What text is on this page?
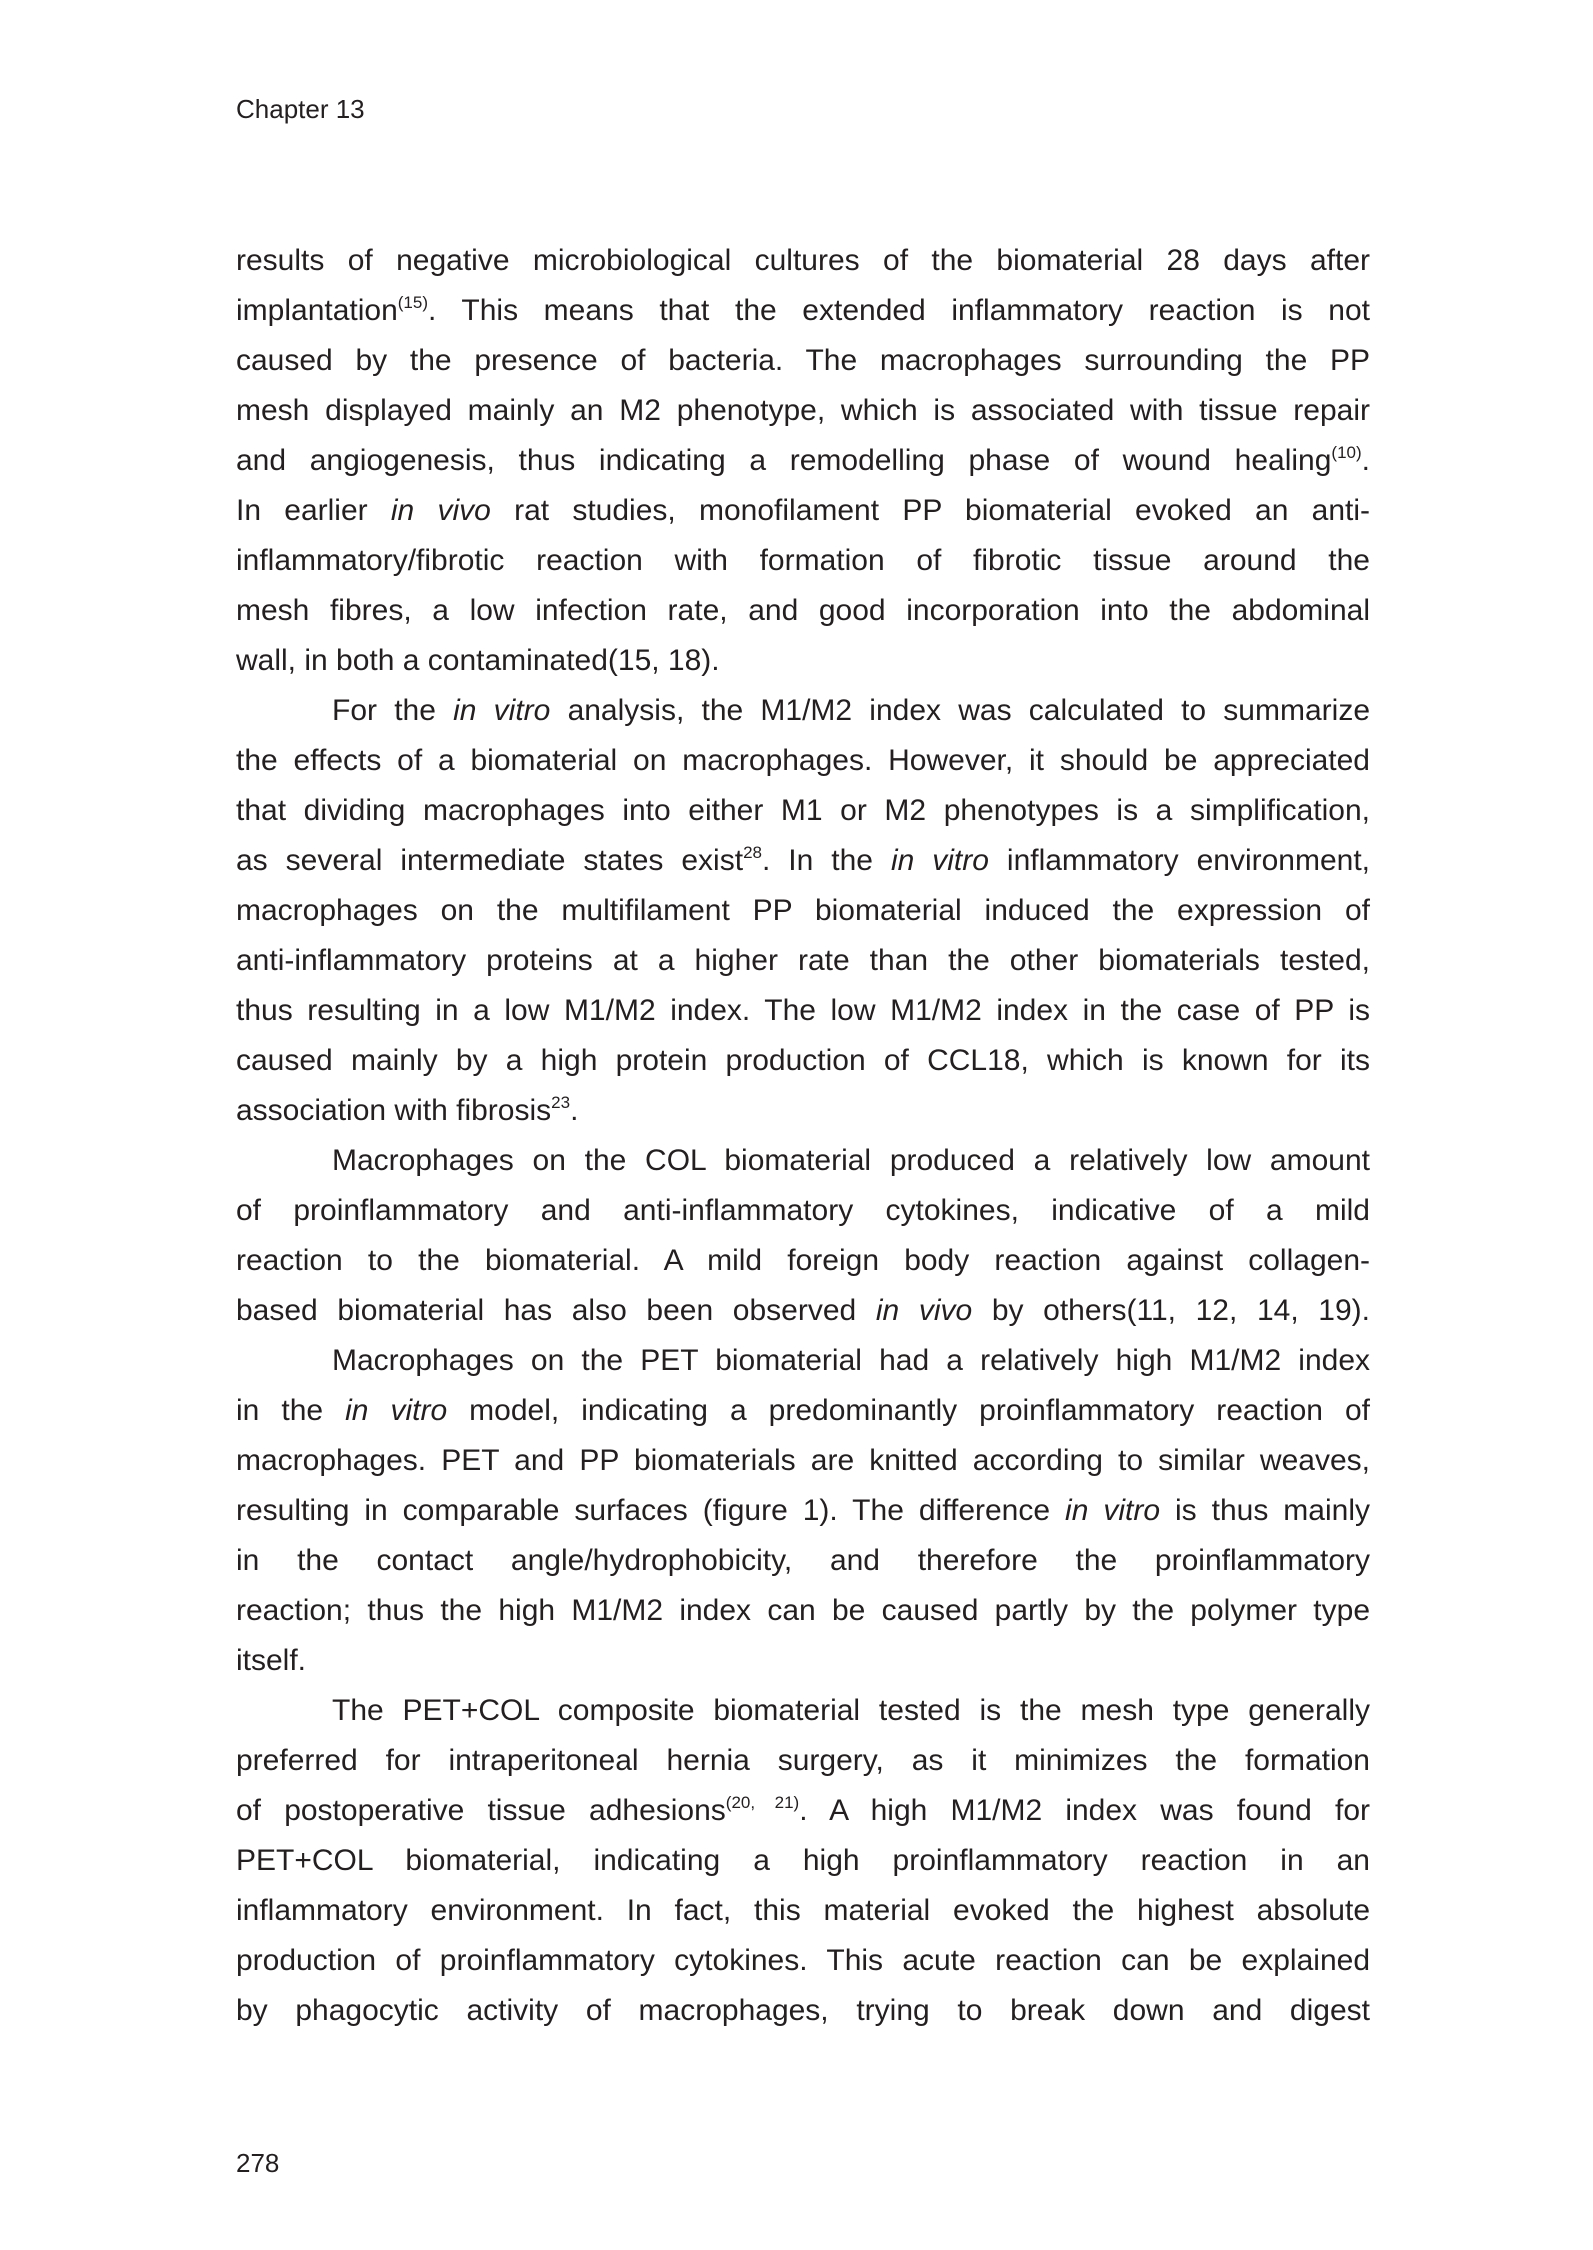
Chapter 13
results of negative microbiological cultures of the biomaterial 28 days after
implantation$^{(15)}$. This means that the extended inflammatory reaction is not
caused by the presence of bacteria. The macrophages surrounding the PP
mesh displayed mainly an M2 phenotype, which is associated with tissue repair
and angiogenesis, thus indicating a remodelling phase of wound healing$^{(10)}$.
In earlier in vivo rat studies, monofilament PP biomaterial evoked an anti-
inflammatory/fibrotic reaction with formation of fibrotic tissue around the
mesh fibres, a low infection rate, and good incorporation into the abdominal
wall, in both a contaminated(15, 18).
For the in vitro analysis, the M1/M2 index was calculated to summarize
the effects of a biomaterial on macrophages. However, it should be appreciated
that dividing macrophages into either M1 or M2 phenotypes is a simplification,
as several intermediate states exist$^{28}$. In the in vitro inflammatory environment,
macrophages on the multifilament PP biomaterial induced the expression of
anti-inflammatory proteins at a higher rate than the other biomaterials tested,
thus resulting in a low M1/M2 index. The low M1/M2 index in the case of PP is
caused mainly by a high protein production of CCL18, which is known for its
association with fibrosis$^{23}$.
Macrophages on the COL biomaterial produced a relatively low amount
of proinflammatory and anti-inflammatory cytokines, indicative of a mild
reaction to the biomaterial. A mild foreign body reaction against collagen-
based biomaterial has also been observed in vivo by others(11, 12, 14, 19).
Macrophages on the PET biomaterial had a relatively high M1/M2 index
in the in vitro model, indicating a predominantly proinflammatory reaction of
macrophages. PET and PP biomaterials are knitted according to similar weaves,
resulting in comparable surfaces (figure 1). The difference in vitro is thus mainly
in the contact angle/hydrophobicity, and therefore the proinflammatory
reaction; thus the high M1/M2 index can be caused partly by the polymer type
itself.
The PET+COL composite biomaterial tested is the mesh type generally
preferred for intraperitoneal hernia surgery, as it minimizes the formation
of postoperative tissue adhesions$^{(20, 21)}$. A high M1/M2 index was found for
PET+COL biomaterial, indicating a high proinflammatory reaction in an
inflammatory environment. In fact, this material evoked the highest absolute
production of proinflammatory cytokines. This acute reaction can be explained
by phagocytic activity of macrophages, trying to break down and digest
278
